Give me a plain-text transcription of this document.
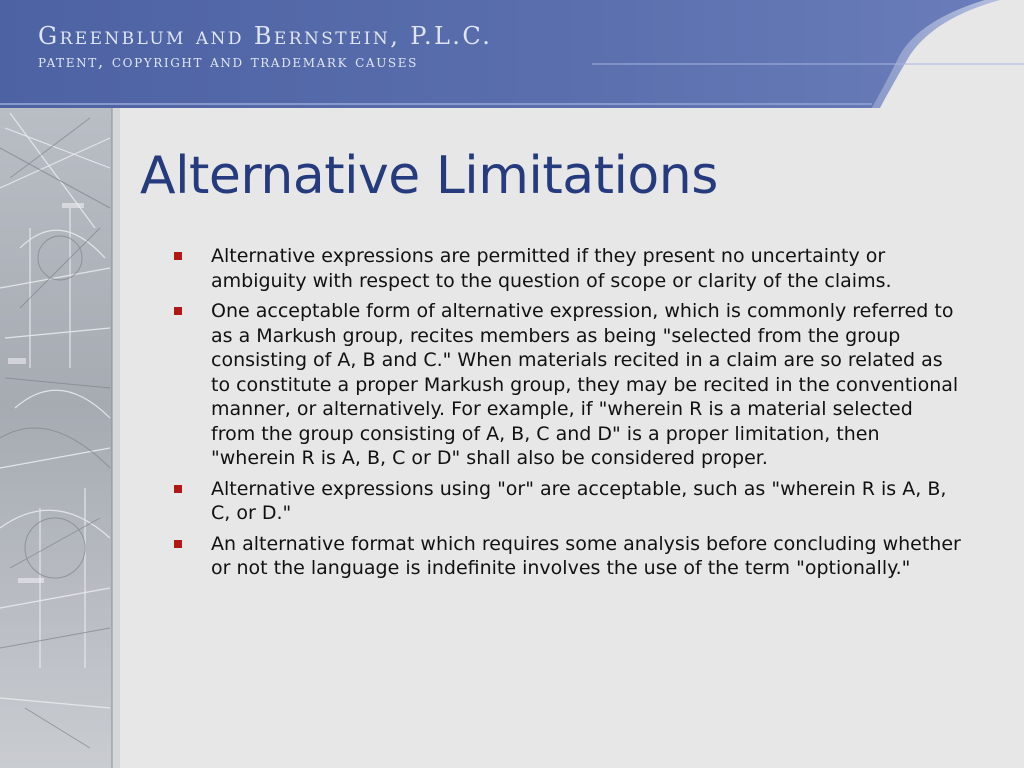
Greenblum and Bernstein, P.L.C.
patent, copyright and trademark causes
Alternative Limitations
Alternative expressions are permitted if they present no uncertainty or ambiguity with respect to the question of scope or clarity of the claims.
One acceptable form of alternative expression, which is commonly referred to as a Markush group, recites members as being "selected from the group consisting of A, B and C." When materials recited in a claim are so related as to constitute a proper Markush group, they may be recited in the conventional manner, or alternatively. For example, if "wherein R is a material selected from the group consisting of A, B, C and D" is a proper limitation, then "wherein R is A, B, C or D" shall also be considered proper.
Alternative expressions using "or" are acceptable, such as "wherein R is A, B, C, or D."
An alternative format which requires some analysis before concluding whether or not the language is indefinite involves the use of the term "optionally."
